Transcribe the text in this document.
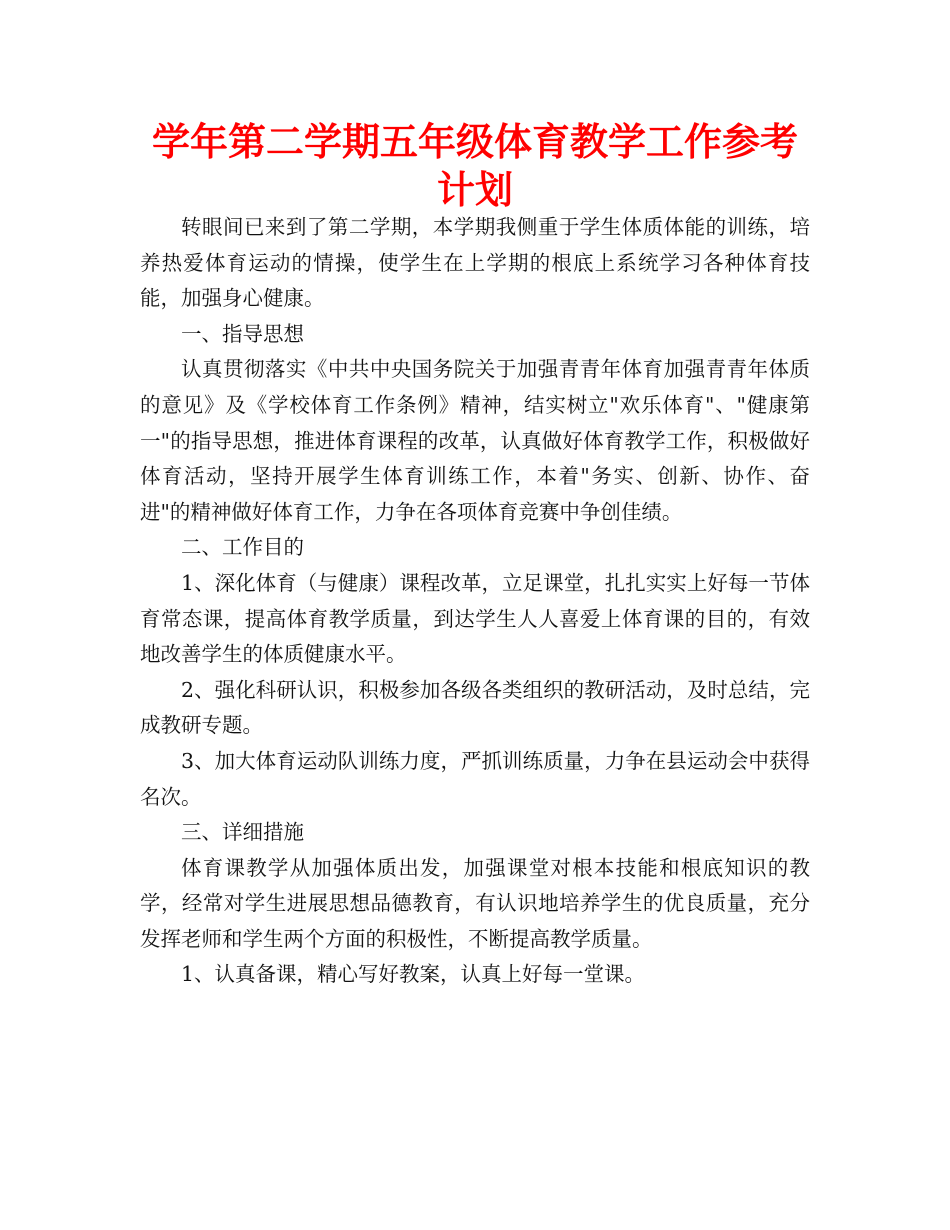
学年第二学期五年级体育教学工作参考计划

转眼间已来到了第二学期，本学期我侧重于学生体质体能的训练，培养热爱体育运动的情操，使学生在上学期的根底上系统学习各种体育技能，加强身心健康。

一、指导思想

认真贯彻落实《中共中央国务院关于加强青青年体育加强青青年体质的意见》及《学校体育工作条例》精神，结实树立"欢乐体育"、"健康第一"的指导思想，推进体育课程的改革，认真做好体育教学工作，积极做好体育活动，坚持开展学生体育训练工作，本着"务实、创新、协作、奋进"的精神做好体育工作，力争在各项体育竞赛中争创佳绩。

二、工作目的

1、深化体育（与健康）课程改革，立足课堂，扎扎实实上好每一节体育常态课，提高体育教学质量，到达学生人人喜爱上体育课的目的，有效地改善学生的体质健康水平。

2、强化科研认识，积极参加各级各类组织的教研活动，及时总结，完成教研专题。

3、加大体育运动队训练力度，严抓训练质量，力争在县运动会中获得名次。

三、详细措施

体育课教学从加强体质出发，加强课堂对根本技能和根底知识的教学，经常对学生进展思想品德教育，有认识地培养学生的优良质量，充分发挥老师和学生两个方面的积极性，不断提高教学质量。

1、认真备课，精心写好教案，认真上好每一堂课。
